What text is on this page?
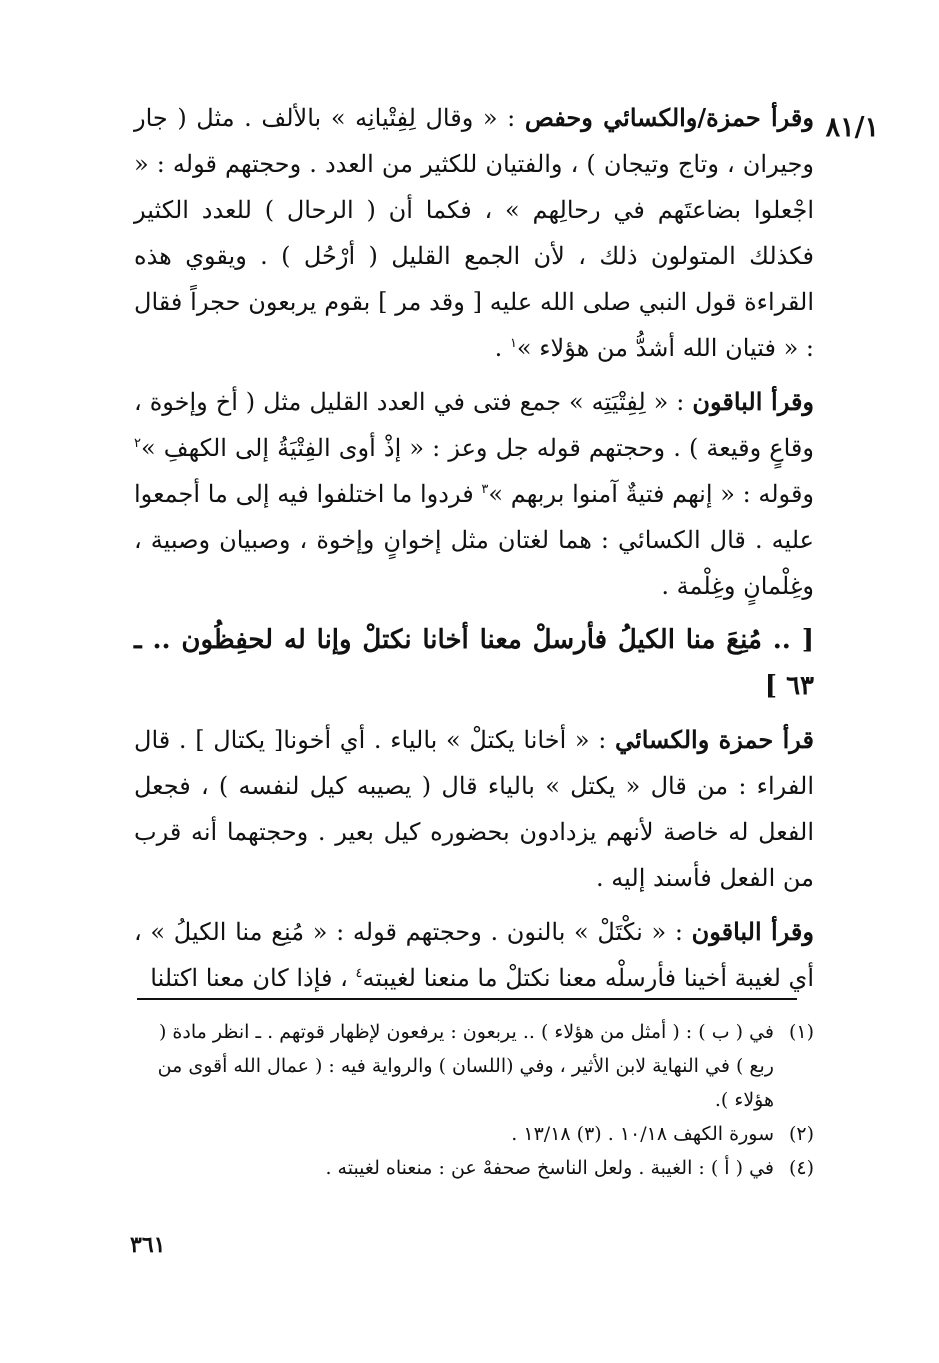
٨١/١

وقرأ حمزة/والكسائي وحفص : « وقال لِفِتْيانِه » بالألف . مثل ( جار وجيران ، وتاج وتيجان ) ، والفتيان للكثير من العدد . وحجتهم قوله : « اجْعلوا بضاعتَهم في رحالِهم » ، فكما أن ( الرحال ) للعدد الكثير فكذلك المتولون ذلك ، لأن الجمع القليل ( أرْحُل ) . ويقوي هذه القراءة قول النبي صلى الله عليه [ وقد مر ] بقوم يربعون حجراً فقال : « فتيان الله أشدُّ من هؤلاء »$^١$ .

وقرأ الباقون : « لِفِتْيَتِه » جمع فتى في العدد القليل مثل ( أخ وإخوة ، وقاعٍ وقيعة ) . وحجتهم قوله جل وعز : « إذْ أوى الفِتْيَةُ إلى الكهفِ »$^٢$ وقوله : « إنهم فتيةٌ آمنوا بربهم »$^٣$ فردوا ما اختلفوا فيه إلى ما أجمعوا عليه . قال الكسائي : هما لغتان مثل إخوانٍ وإخوة ، وصبيان وصبية ، وغِلْمانٍ وغِلْمة .

[ .. مُنِعَ منا الكيلُ فأرسلْ معنا أخانا نكتلْ وإنا له لحفِظُون .. ـ ٦٣ ]

قرأ حمزة والكسائي : « أخانا يكتلْ » بالياء . أي أخونا[ يكتال ] . قال الفراء : من قال « يكتل » بالياء قال ( يصيبه كيل لنفسه ) ، فجعل الفعل له خاصة لأنهم يزدادون بحضوره كيل بعير . وحجتهما أنه قرب من الفعل فأسند إليه .

وقرأ الباقون : « نكْتَلْ » بالنون . وحجتهم قوله : « مُنِع منا الكيلُ » ، أي لغيبة أخينا فأرسلْه معنا نكتلْ ما منعنا لغيبته$^٤$ ، فإذا كان معنا اكتلنا

(١)في ( ب ) : ( أمثل من هؤلاء ) .. يربعون : يرفعون لإظهار قوتهم . ـ انظر مادة ( ربع ) في النهاية لابن الأثير ، وفي (اللسان ) والرواية فيه : ( عمال الله أقوى من هؤلاء ).

(٢)سورة الكهف ١٠/١٨ . (٣) ١٣/١٨ .

(٤)في ( أ ) : الغيبة . ولعل الناسخ صحفهْ عن : منعناه لغيبته .

٣٦١
